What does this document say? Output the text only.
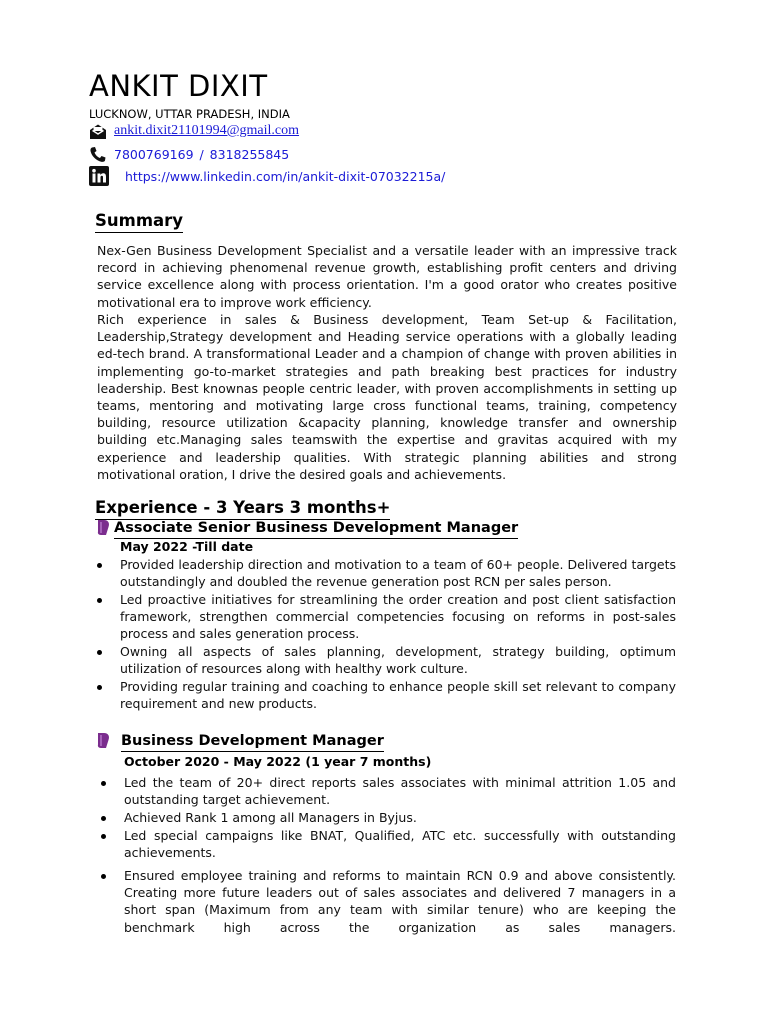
ANKIT DIXIT
LUCKNOW, UTTAR PRADESH, INDIA
ankit.dixit21101994@gmail.com
7800769169 / 8318255845
https://www.linkedin.com/in/ankit-dixit-07032215a/
Summary

Nex-Gen Business Development Specialist and a versatile leader with an impressive track record in achieving phenomenal revenue growth, establishing profit centers and driving service excellence along with process orientation. I'm a good orator who creates positive motivational era to improve work efficiency.

Rich experience in sales & Business development, Team Set-up & Facilitation, Leadership,Strategy development and Heading service operations with a globally leading ed-tech brand. A transformational Leader and a champion of change with proven abilities in implementing go-to-market strategies and path breaking best practices for industry leadership. Best knownas people centric leader, with proven accomplishments in setting up teams, mentoring and motivating large cross functional teams, training, competency building, resource utilization &capacity planning, knowledge transfer and ownership building etc.Managing sales teamswith the expertise and gravitas acquired with my experience and leadership qualities. With strategic planning abilities and strong motivational oration, I drive the desired goals and achievements.

Experience - 3 Years 3 months+
Associate Senior Business Development Manager
May 2022 -Till date
Provided leadership direction and motivation to a team of 60+ people. Delivered targets outstandingly and doubled the revenue generation post RCN per sales person.
Led proactive initiatives for streamlining the order creation and post client satisfaction framework, strengthen commercial competencies focusing on reforms in post-sales process and sales generation process.
Owning all aspects of sales planning, development, strategy building, optimum utilization of resources along with healthy work culture.
Providing regular training and coaching to enhance people skill set relevant to company requirement and new products.
Business Development Manager
October 2020 - May 2022 (1 year 7 months)
Led the team of 20+ direct reports sales associates with minimal attrition 1.05 and outstanding target achievement.
Achieved Rank 1 among all Managers in Byjus.
Led special campaigns like BNAT, Qualified, ATC etc. successfully with outstanding achievements.
Ensured employee training and reforms to maintain RCN 0.9 and above consistently. Creating more future leaders out of sales associates and delivered 7 managers in a short span (Maximum from any team with similar tenure) who are keeping the benchmark high across the organization as sales managers.
